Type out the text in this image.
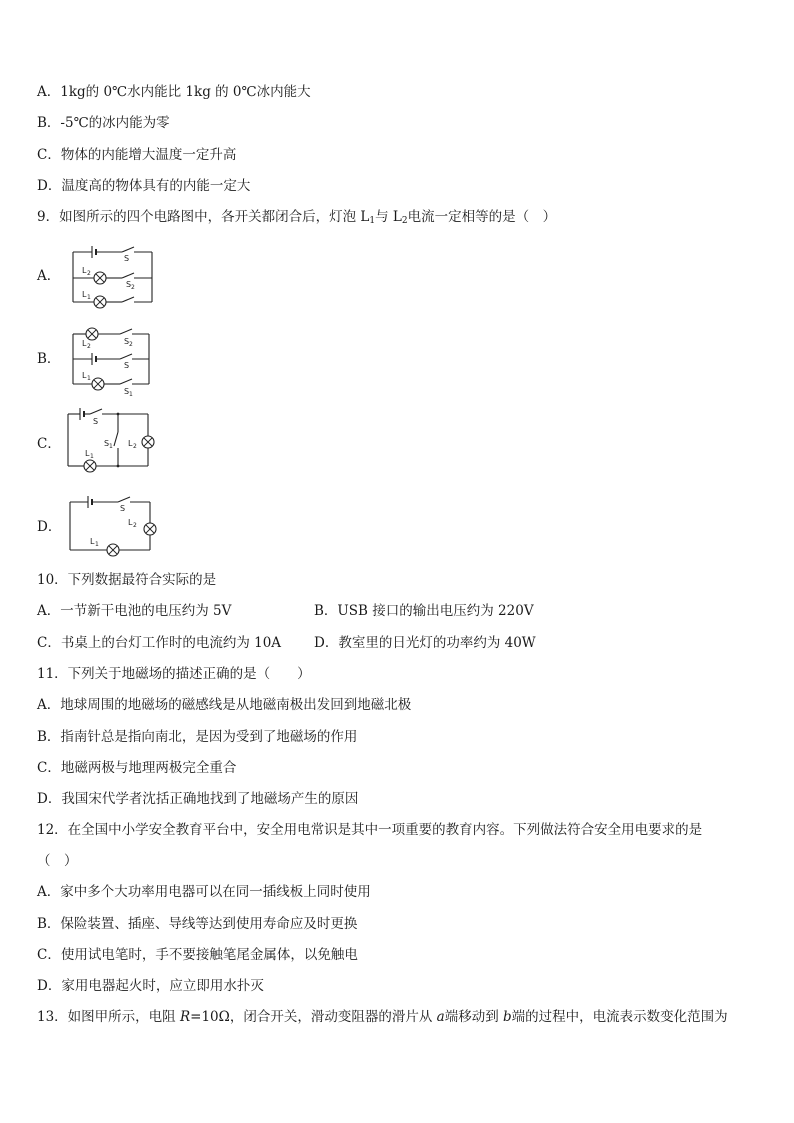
A．1kg的 0℃水内能比 1kg 的 0℃冰内能大
B．-5℃的冰内能为零
C．物体的内能增大温度一定升高
D．温度高的物体具有的内能一定大
9．如图所示的四个电路图中，各开关都闭合后，灯泡 $L_1$与 $L_2$电流一定相等的是（　）
A．
S
L 2
S 2
L 1
B．
L 2
S 2
S
L 1
S 1
C．
S
L 1
L 2
S 1
D．
S
L 1
L 2
10．下列数据最符合实际的是
A．一节新干电池的电压约为 5V	B．USB 接口的输出电压约为 220V
C．书桌上的台灯工作时的电流约为 10A D．教室里的日光灯的功率约为 40W
11．下列关于地磁场的描述正确的是（　　）
A．地球周围的地磁场的磁感线是从地磁南极出发回到地磁北极
B．指南针总是指向南北，是因为受到了地磁场的作用
C．地磁两极与地理两极完全重合
D．我国宋代学者沈括正确地找到了地磁场产生的原因
12．在全国中小学安全教育平台中，安全用电常识是其中一项重要的教育内容。下列做法符合安全用电要求的是
（　）
A．家中多个大功率用电器可以在同一插线板上同时使用
B．保险装置、插座、导线等达到使用寿命应及时更换
C．使用试电笔时，手不要接触笔尾金属体，以免触电
D．家用电器起火时，应立即用水扑灭
13．如图甲所示，电阻 R=10Ω，闭合开关，滑动变阻器的滑片从 a端移动到 b端的过程中，电流表示数变化范围为
